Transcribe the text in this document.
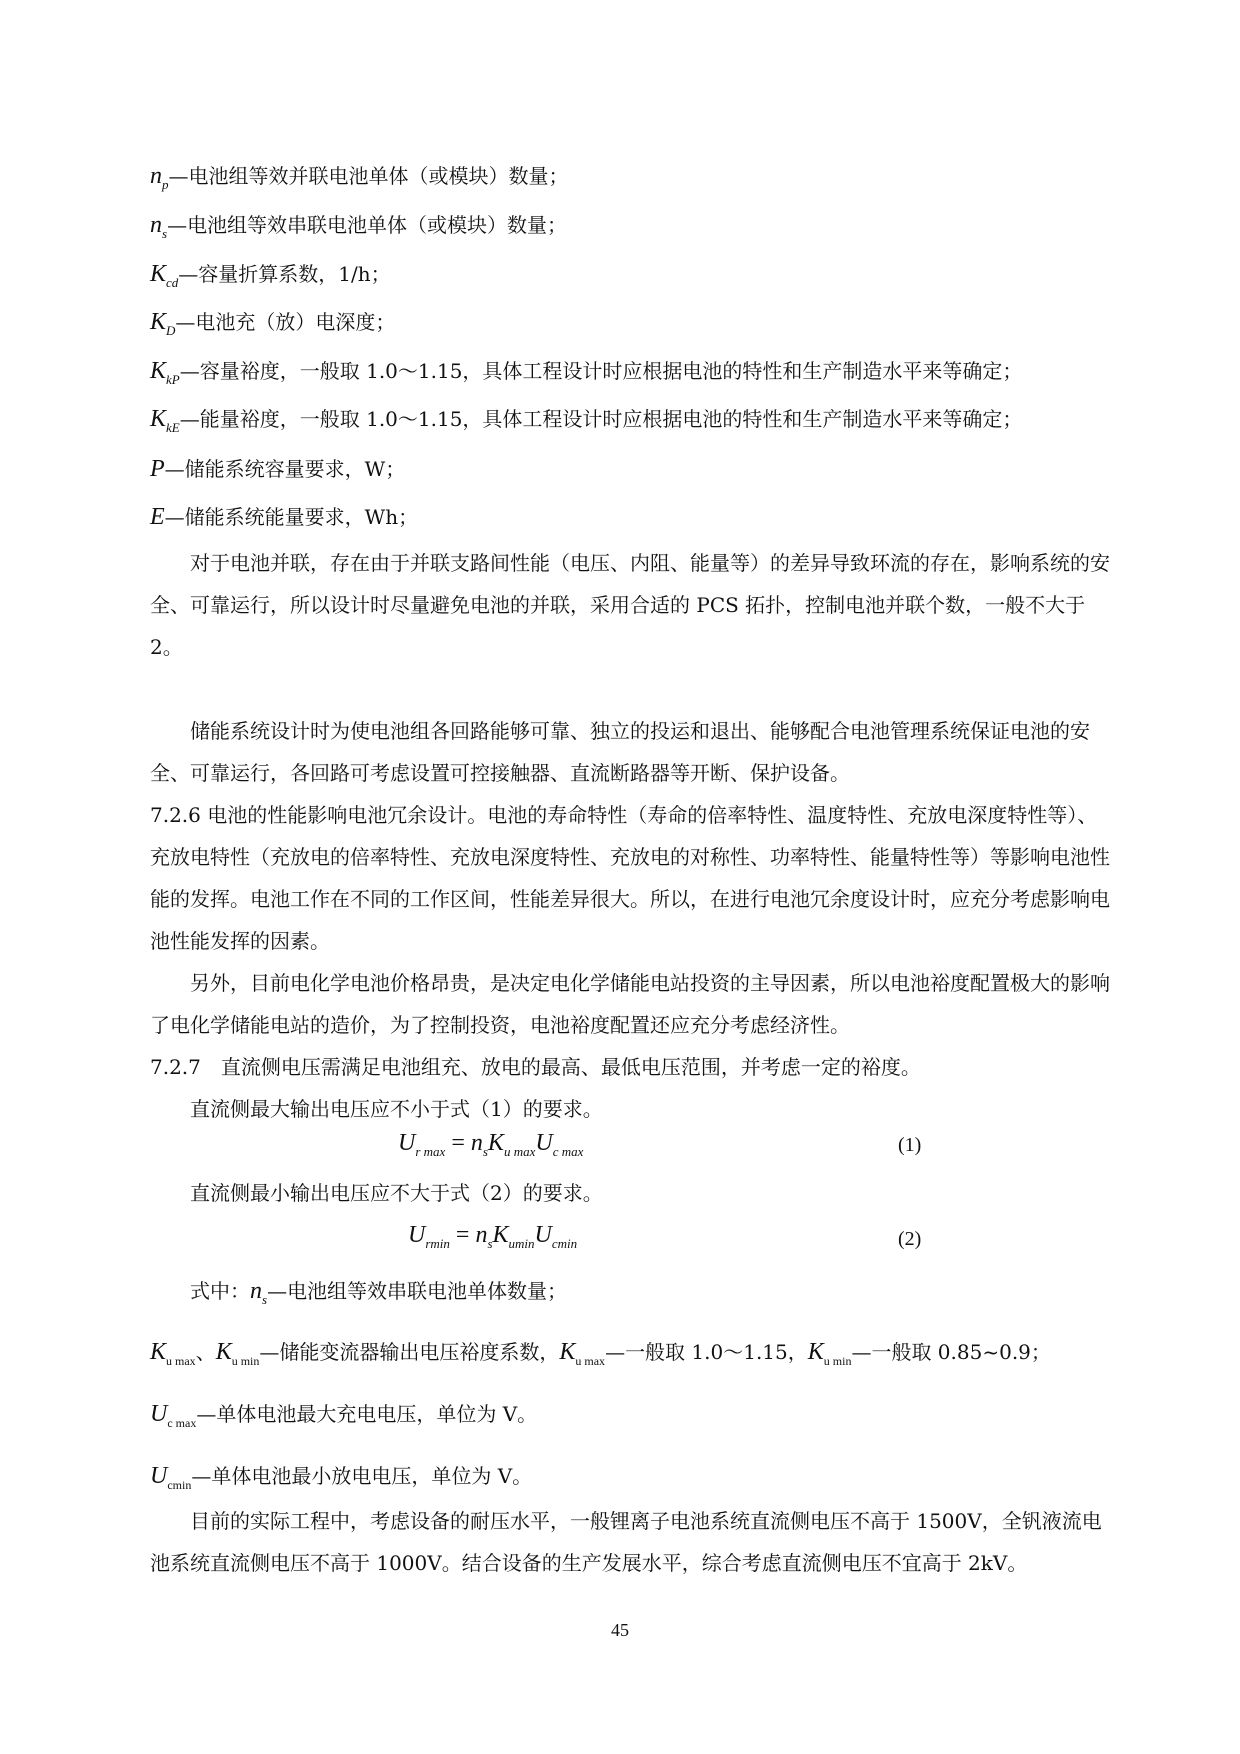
$n_p—$电池组等效并联电池单体（或模块）数量；
$n_s—$电池组等效串联电池单体（或模块）数量；
$K_{cd}—$容量折算系数，1/h；
$K_D—$电池充（放）电深度；
$K_{kP}—$容量裕度，一般取 1.0～1.15，具体工程设计时应根据电池的特性和生产制造水平来等确定；
$K_{kE}—$能量裕度，一般取 1.0～1.15，具体工程设计时应根据电池的特性和生产制造水平来等确定；
P—储能系统容量要求，W；
E—储能系统能量要求，Wh；
对于电池并联，存在由于并联支路间性能（电压、内阻、能量等）的差异导致环流的存在，影响系统的安全、可靠运行，所以设计时尽量避免电池的并联，采用合适的 PCS 拓扑，控制电池并联个数，一般不大于 2。
储能系统设计时为使电池组各回路能够可靠、独立的投运和退出、能够配合电池管理系统保证电池的安全、可靠运行，各回路可考虑设置可控接触器、直流断路器等开断、保护设备。
7.2.6 电池的性能影响电池冗余设计。电池的寿命特性（寿命的倍率特性、温度特性、充放电深度特性等）、充放电特性（充放电的倍率特性、充放电深度特性、充放电的对称性、功率特性、能量特性等）等影响电池性能的发挥。电池工作在不同的工作区间，性能差异很大。所以，在进行电池冗余度设计时，应充分考虑影响电池性能发挥的因素。
另外，目前电化学电池价格昂贵，是决定电化学储能电站投资的主导因素，所以电池裕度配置极大的影响了电化学储能电站的造价，为了控制投资，电池裕度配置还应充分考虑经济性。
7.2.7　直流侧电压需满足电池组充、放电的最高、最低电压范围，并考虑一定的裕度。
直流侧最大输出电压应不小于式（1）的要求。
$U_{r max} = n_sK_{u max}U_{c max}$	(1)
直流侧最小输出电压应不大于式（2）的要求。
$U_{rmin} = n_sK_{umin}U_{cmin}$	(2)
式中：$n_s—$电池组等效串联电池单体数量；
$K_{u max}$、$K_{u min}—$储能变流器输出电压裕度系数，$K_{u max}—$一般取 1.0～1.15，$K_{u min}—$一般取 0.85~0.9；
$U_{c max}—$单体电池最大充电电压，单位为 V。
$U_{cmin}—$单体电池最小放电电压，单位为 V。
目前的实际工程中，考虑设备的耐压水平，一般锂离子电池系统直流侧电压不高于 1500V，全钒液流电池系统直流侧电压不高于 1000V。结合设备的生产发展水平，综合考虑直流侧电压不宜高于 2kV。
45
